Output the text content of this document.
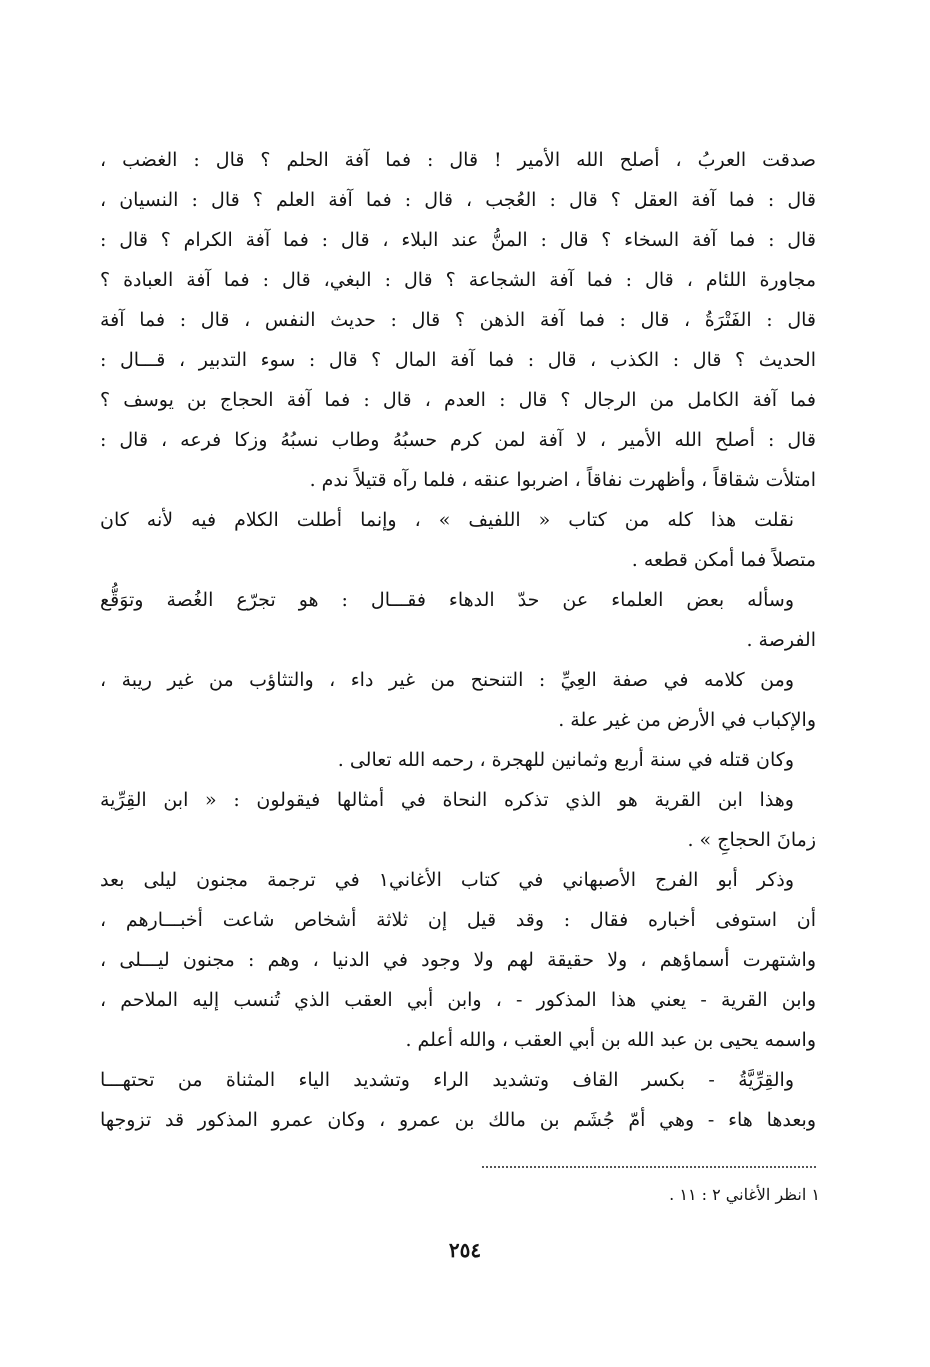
صدقت العربُ ، أصلح الله الأمير ! قال : فما آفة الحلم ؟ قال : الغضب ،
قال : فما آفة العقل ؟ قال : العُجب ، قال : فما آفة العلم ؟ قال : النسيان ،
قال : فما آفة السخاء ؟ قال : المنُّ عند البلاء ، قال : فما آفة الكرام ؟ قال :
مجاورة اللئام ، قال : فما آفة الشجاعة ؟ قال : البغي، قال : فما آفة العبادة ؟
قال : الفَتْرَةُ ، قال : فما آفة الذهن ؟ قال : حديث النفس ، قال : فما آفة
الحديث ؟ قال : الكذب ، قال : فما آفة المال ؟ قال : سوء التدبير ، قـــال :
فما آفة الكامل من الرجال ؟ قال : العدم ، قال : فما آفة الحجاج بن يوسف ؟
قال : أصلح الله الأمير ، لا آفة لمن كرم حسبُهُ وطاب نسبُهُ وزكا فرعه ، قال :
امتلأت شقاقاً ، وأظهرت نفاقاً ، اضربوا عنقه ، فلما رآه قتيلاً ندم .
نقلت هذا كله من كتاب « اللفيف » ، وإنما أطلت الكلام فيه لأنه كان
متصلاً فما أمكن قطعه .
وسأله بعض العلماء عن حدّ الدهاء فقـــال : هو تجرّع الغُصة وتوَقُّع
الفرصة .
ومن كلامه في صفة العِيِّ : التنحنح من غير داء ، والتثاؤب من غير ريبة ،
والإكباب في الأرض من غير علة .
وكان قتله في سنة أربع وثمانين للهجرة ، رحمه الله تعالى .
وهذا ابن القرية هو الذي تذكره النحاة في أمثالها فيقولون : « ابن القِرِّية
زمانَ الحجاجِ » .
وذكر أبو الفرج الأصبهاني في كتاب الأغاني١ في ترجمة مجنون ليلى بعد
أن استوفى أخباره فقال : وقد قيل إن ثلاثة أشخاص شاعت أخبـــارهم ،
واشتهرت أسماؤهم ، ولا حقيقة لهم ولا وجود في الدنيا ، وهم : مجنون ليـــلى ،
وابن القرية - يعني هذا المذكور - ، وابن أبي العقب الذي تُنسب إليه الملاحم ،
واسمه يحيى بن عبد الله بن أبي العقب ، والله أعلم .
والقِرِّيَّةُ - بكسر القاف وتشديد الراء وتشديد الياء المثناة من تحتهـــا
وبعدها هاء - وهي أمّ جُشَم بن مالك بن عمرو ، وكان عمرو المذكور قد تزوجها
١ انظر الأغاني ٢ : ١١ .
٢٥٤
